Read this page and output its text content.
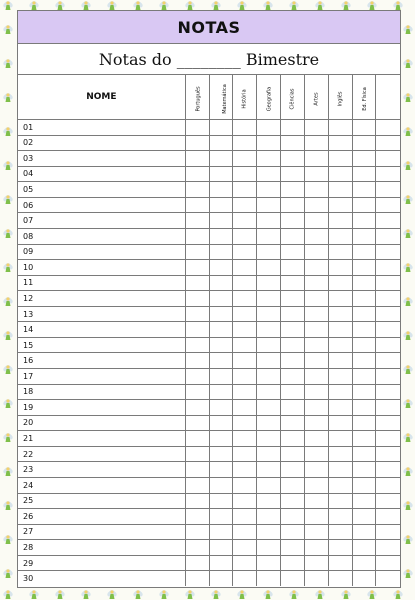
NOTAS
Notas do ________ Bimestre
NOME	Português	Matemática	História	Geografia	Ciências	Artes	Inglês	Ed. Física	
01									
02									
03									
04									
05									
06									
07									
08									
09									
10									
11									
12									
13									
14									
15									
16									
17									
18									
19									
20									
21									
22									
23									
24									
25									
26									
27									
28									
29									
30									
